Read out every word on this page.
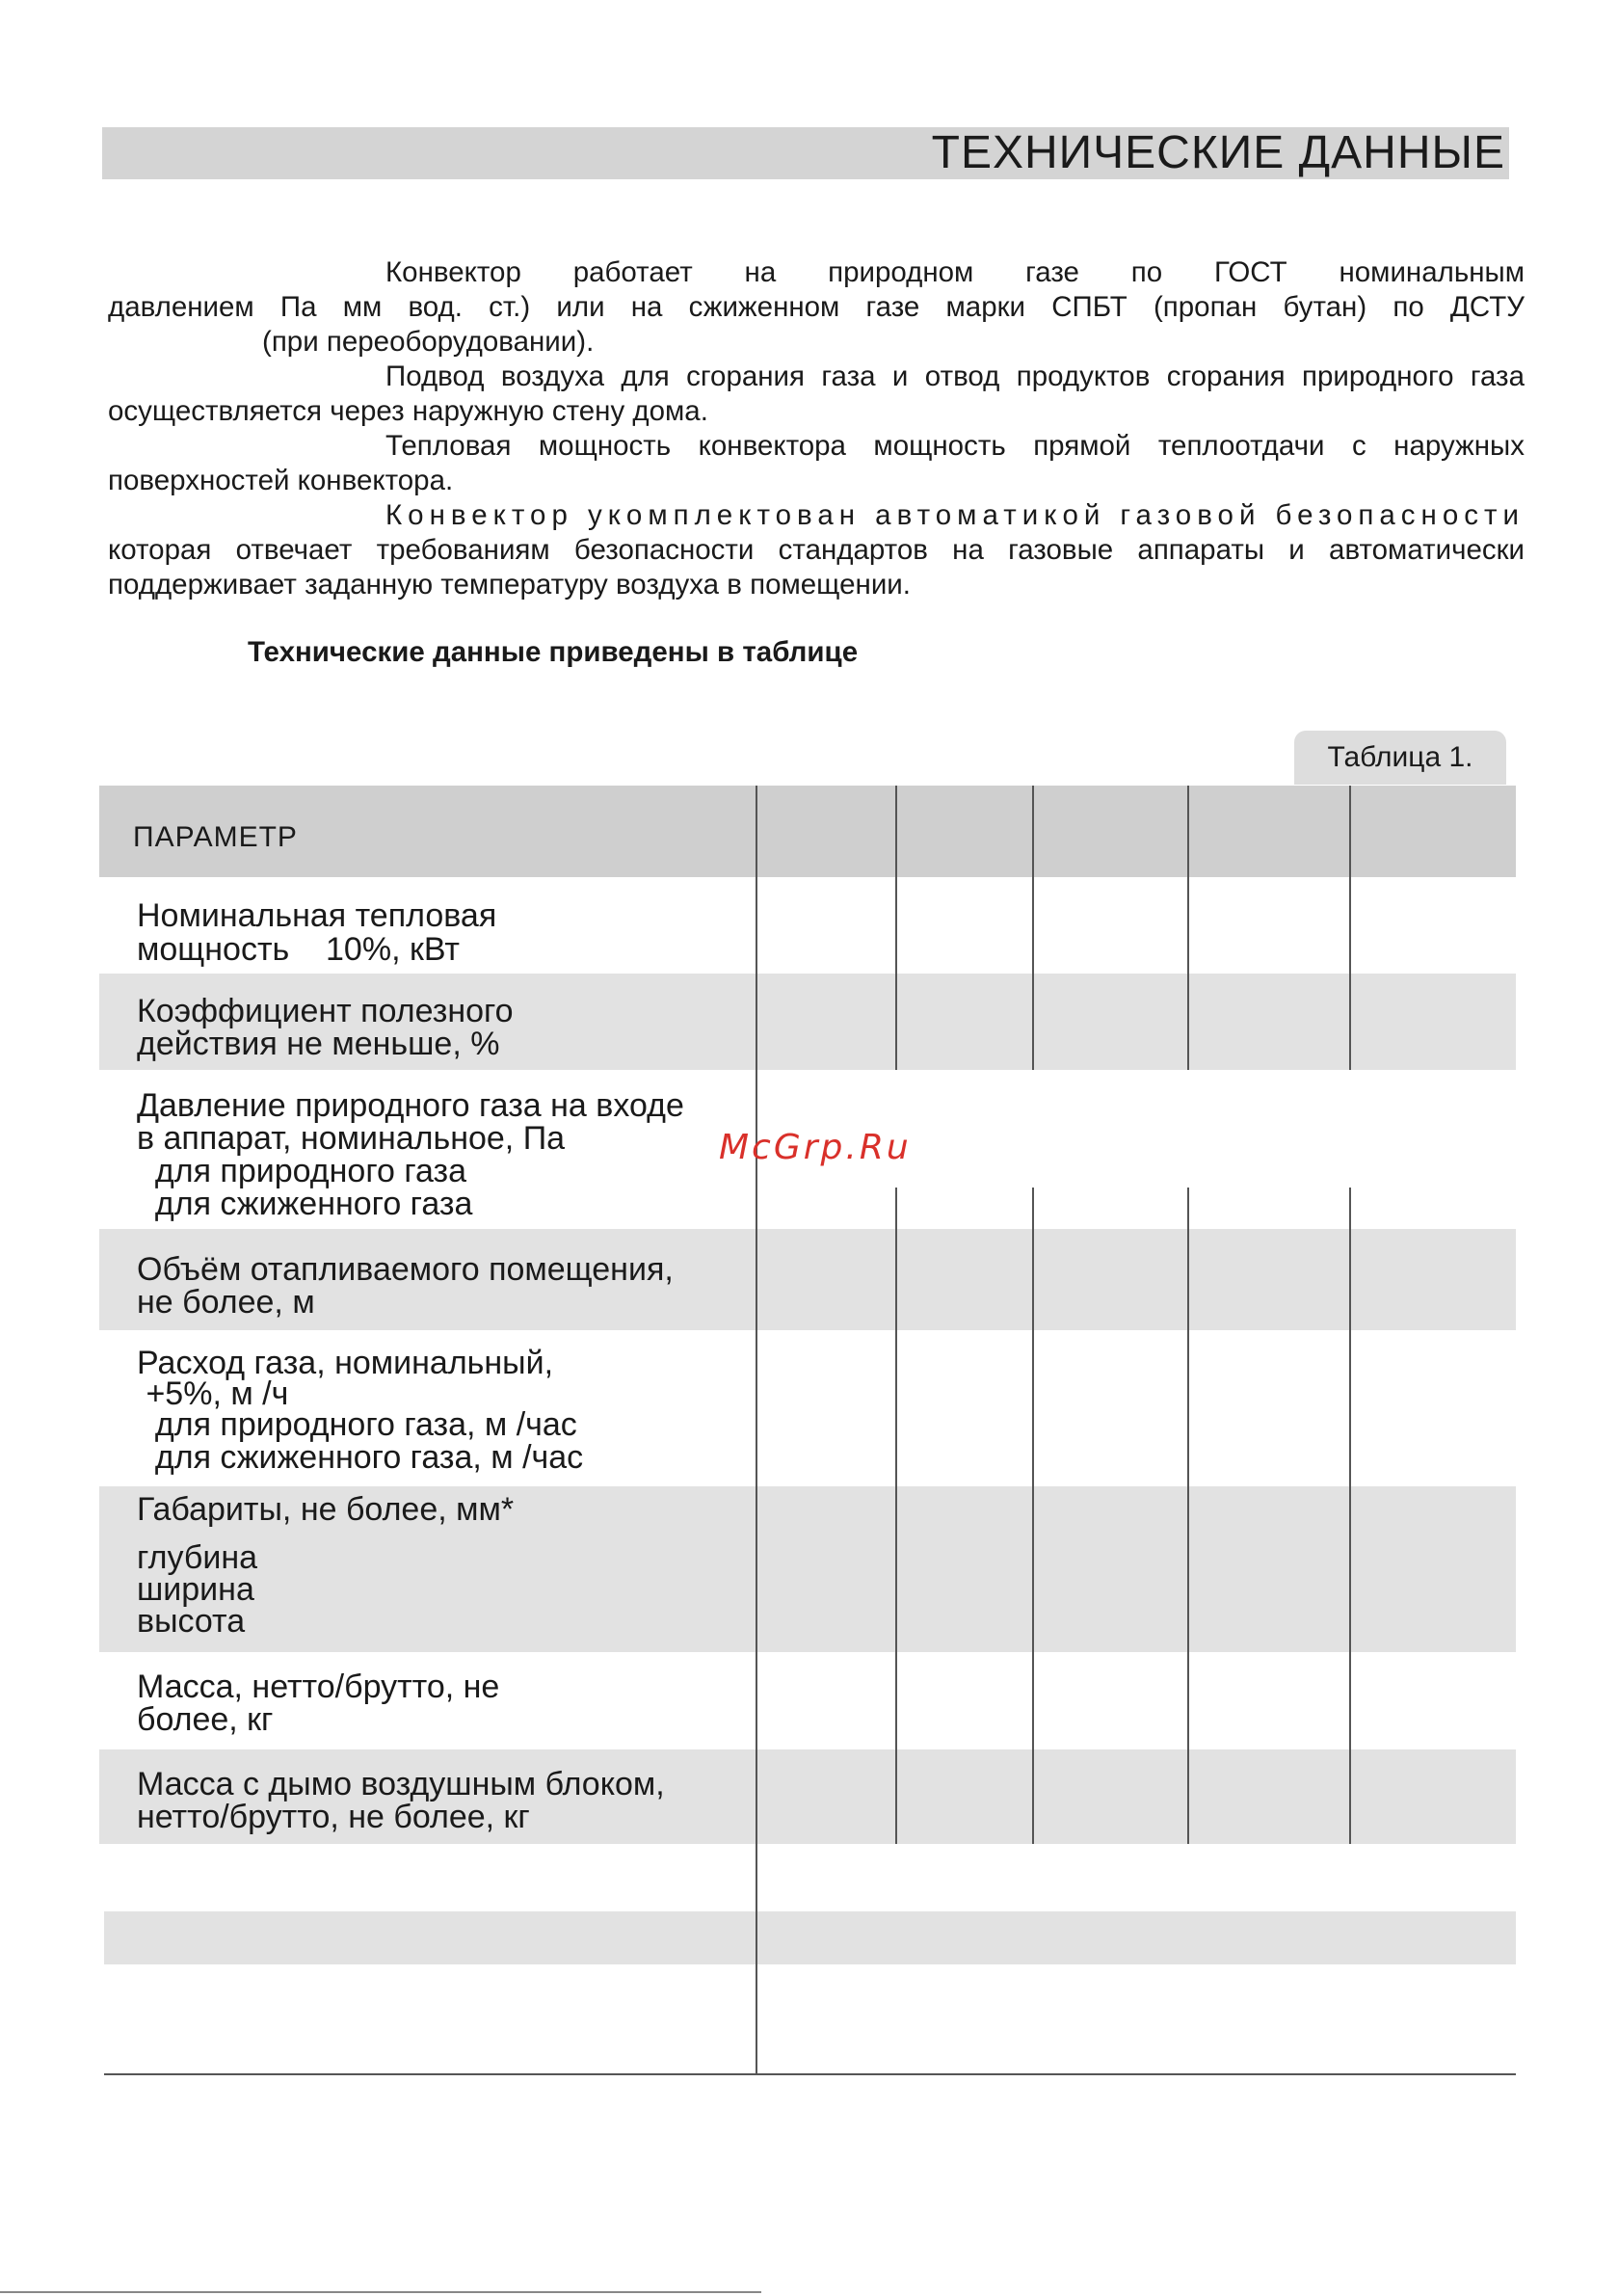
ТЕХНИЧЕСКИЕ ДАННЫЕ

Конвектор работает на природном газе по ГОСТ номинальным

давлением Па мм вод. ст.) или на сжиженном газе марки СПБТ (пропан бутан) по ДСТУ

(при переоборудовании).

Подвод воздуха для сгорания газа и отвод продуктов сгорания природного газа

осуществляется через наружную стену дома.

Тепловая мощность конвектора мощность прямой теплоотдачи с наружных

поверхностей конвектора.

Конвектор укомплектован автоматикой газовой безопасности

которая отвечает требованиям безопасности стандартов на газовые аппараты и автоматически

поддерживает заданную температуру воздуха в помещении.

Технические данные приведены в таблице
Таблица 1.
ПАРАМЕТР
Номинальная тепловая
мощность    10%, кВт
Коэффициент полезного
действия не меньше, %
Давление природного газа на входе
в аппарат, номинальное, Па
для природного газа
для сжиженного газа
Объём отапливаемого помещения,
не более, м
Расход газа, номинальный,
+5%, м /ч
для природного газа, м /час
для сжиженного газа, м /час
Габариты, не более, мм*
глубина
ширина
высота
Масса, нетто/брутто, не
более, кг
Масса с дымо воздушным блоком,
нетто/брутто, не более, кг
McGrp.Ru
